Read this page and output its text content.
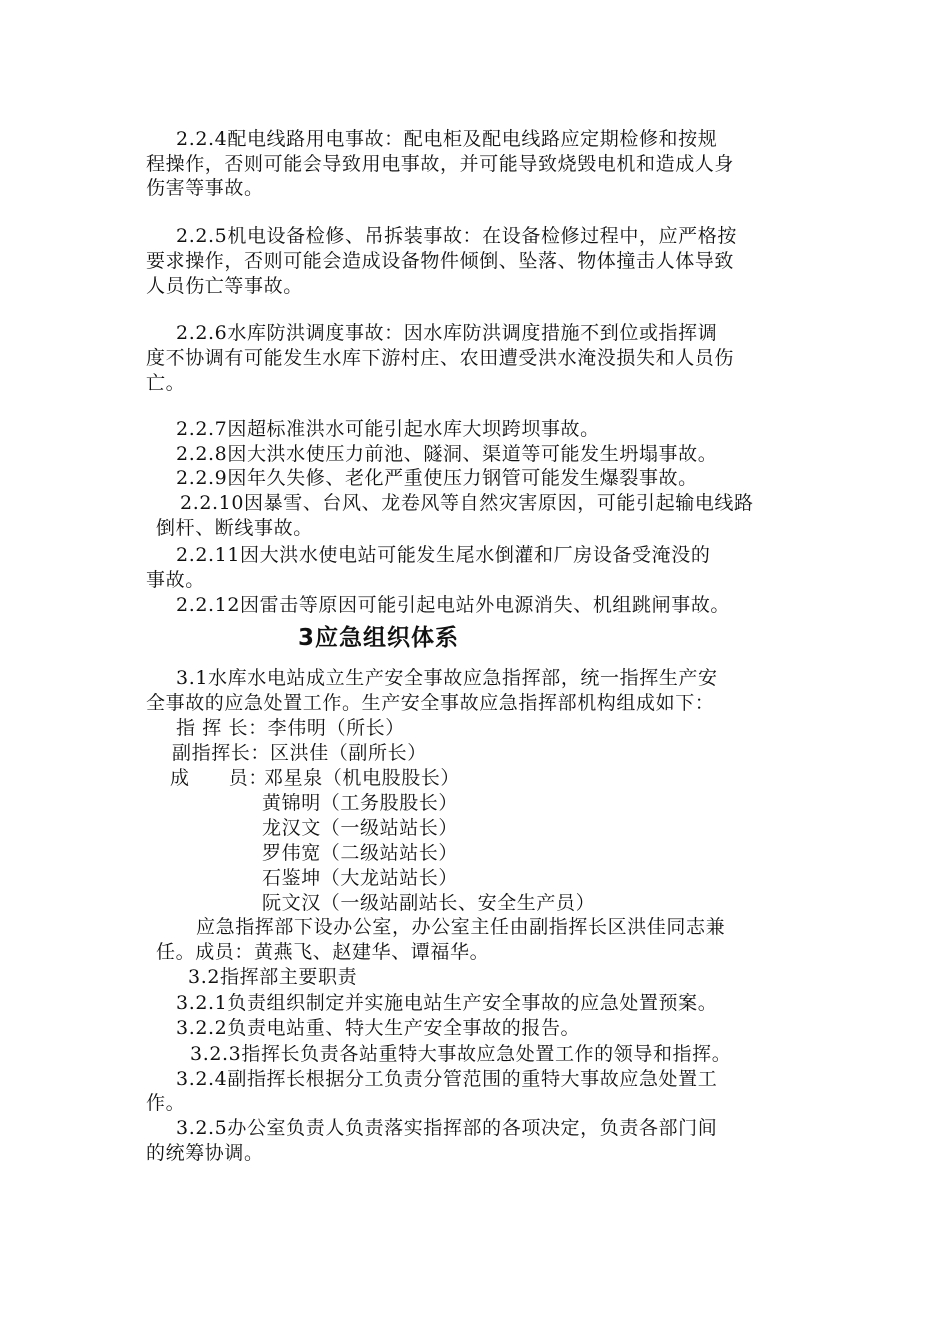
2.2.4配电线路用电事故：配电柜及配电线路应定期检修和按规
程操作，否则可能会导致用电事故，并可能导致烧毁电机和造成人身
伤害等事故。
2.2.5机电设备检修、吊拆装事故：在设备检修过程中，应严格按
要求操作，否则可能会造成设备物件倾倒、坠落、物体撞击人体导致
人员伤亡等事故。
2.2.6水库防洪调度事故：因水库防洪调度措施不到位或指挥调
度不协调有可能发生水库下游村庄、农田遭受洪水淹没损失和人员伤
亡。
2.2.7因超标准洪水可能引起水库大坝跨坝事故。
2.2.8因大洪水使压力前池、隧洞、渠道等可能发生坍塌事故。
2.2.9因年久失修、老化严重使压力钢管可能发生爆裂事故。
2.2.10因暴雪、台风、龙卷风等自然灾害原因，可能引起输电线路
倒杆、断线事故。
2.2.11因大洪水使电站可能发生尾水倒灌和厂房设备受淹没的
事故。
2.2.12因雷击等原因可能引起电站外电源消失、机组跳闸事故。
3应急组织体系
3.1水库水电站成立生产安全事故应急指挥部，统一指挥生产安
全事故的应急处置工作。生产安全事故应急指挥部机构组成如下：
指 挥 长：李伟明（所长）
副指挥长：区洪佳（副所长）
成　　员：
邓星泉（机电股股长）
黄锦明（工务股股长）
龙汉文（一级站站长）
罗伟宽（二级站站长）
石鉴坤（大龙站站长）
阮文汉（一级站副站长、安全生产员）
应急指挥部下设办公室，办公室主任由副指挥长区洪佳同志兼
任。成员：黄燕飞、赵建华、谭福华。
3.2指挥部主要职责
3.2.1负责组织制定并实施电站生产安全事故的应急处置预案。
3.2.2负责电站重、特大生产安全事故的报告。
3.2.3指挥长负责各站重特大事故应急处置工作的领导和指挥。
3.2.4副指挥长根据分工负责分管范围的重特大事故应急处置工
作。
3.2.5办公室负责人负责落实指挥部的各项决定，负责各部门间
的统筹协调。
